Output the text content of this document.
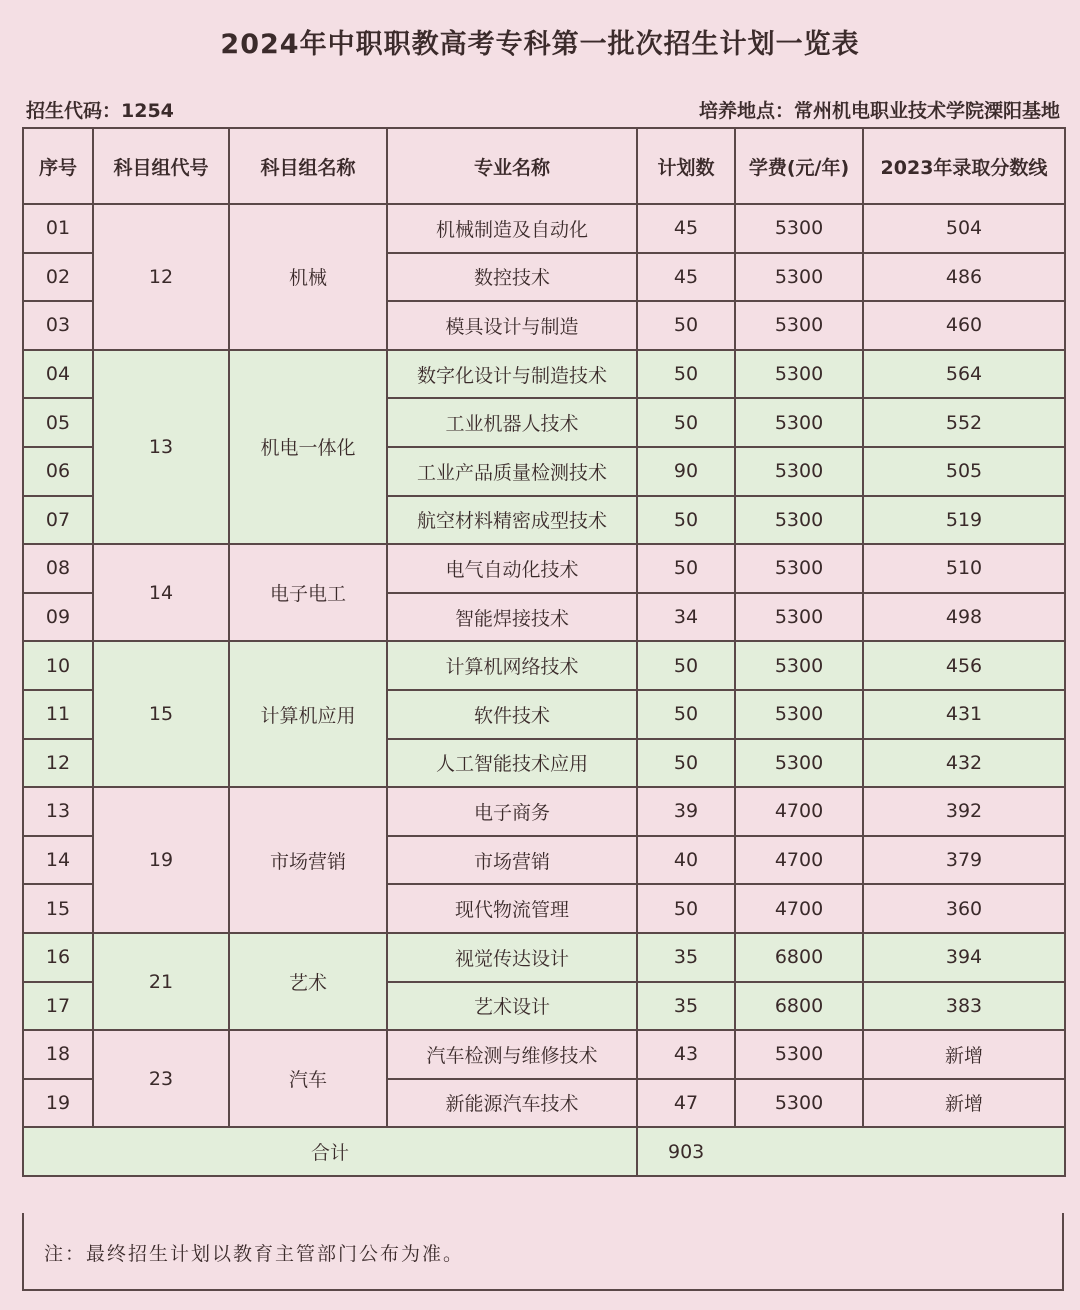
2024年中职职教高考专科第一批次招生计划一览表
招生代码：1254	培养地点：常州机电职业技术学院溧阳基地
序号	科目组代号	科目组名称	专业名称	计划数	学费(元/年)	2023年录取分数线
01	12	机械	机械制造及自动化	45	5300	504
02			数控技术	45	5300	486
03			模具设计与制造	50	5300	460
04	13	机电一体化	数字化设计与制造技术	50	5300	564
05			工业机器人技术	50	5300	552
06			工业产品质量检测技术	90	5300	505
07			航空材料精密成型技术	50	5300	519
08	14	电子电工	电气自动化技术	50	5300	510
09			智能焊接技术	34	5300	498
10	15	计算机应用	计算机网络技术	50	5300	456
11			软件技术	50	5300	431
12			人工智能技术应用	50	5300	432
13	19	市场营销	电子商务	39	4700	392
14			市场营销	40	4700	379
15			现代物流管理	50	4700	360
16	21	艺术	视觉传达设计	35	6800	394
17			艺术设计	35	6800	383
18	23	汽车	汽车检测与维修技术	43	5300	新增
19			新能源汽车技术	47	5300	新增
合计				903		
注：最终招生计划以教育主管部门公布为准。
